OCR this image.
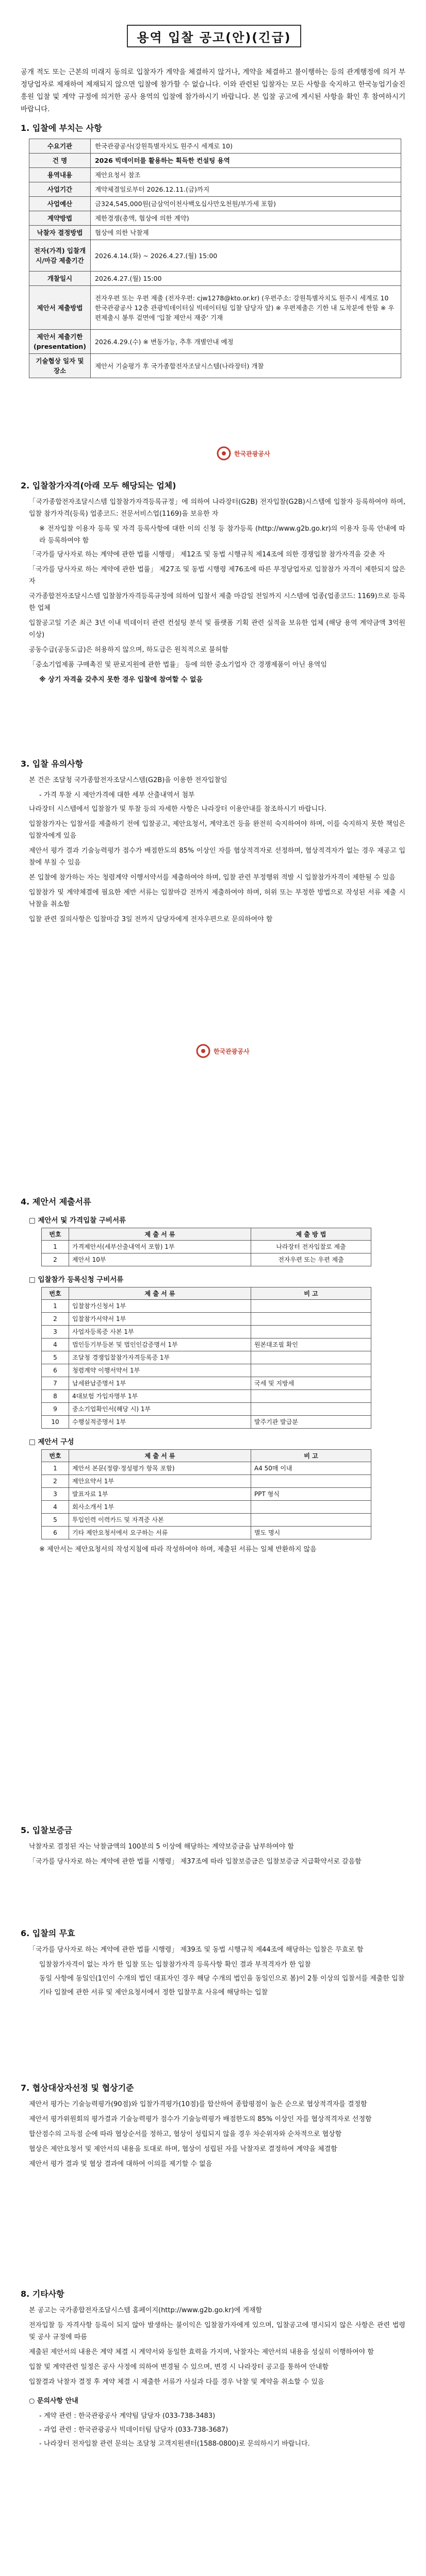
용역 입찰 공고(안)(긴급)
공개 적도 또는 근본의 미래지 동의로 입찰자가 계약을 체결하지 않거나, 계약을 체결하고 불이행하는 등의 관계행정에 의거 부정당업자로 제재하여 제재되지 않으면 입찰에 참가할 수 없습니다. 이와 관련된 입찰자는 모든 사항을 숙지하고 한국농업기술진흥원 입찰 및 계약 규정에 의거한 공사 용역의 입찰에 참가하시기 바랍니다. 본 입찰 공고에 게시된 사항을 확인 후 참여하시기 바랍니다.
1. 입찰에 부치는 사항
수요기관	한국관광공사(강원특별자치도 원주시 세계로 10)
건 명	2026 빅데이터를 활용하는 획득한 컨설팅 용역
용역내용	제안요청서 참조
사업기간	계약체결일로부터 2026.12.11.(금)까지
사업예산	금324,545,000원(금삼억이천사백오십사만오천원/부가세 포함)
계약방법	제한경쟁(총액, 협상에 의한 계약)
낙찰자 결정방법	협상에 의한 낙찰제
전자(가격) 입찰개시/마감 제출기간	2026.4.14.(화) ~ 2026.4.27.(월) 15:00
개찰일시	2026.4.27.(월) 15:00
제안서 제출방법	전자우편 또는 우편 제출 (전자우편: cjw1278@kto.or.kr) (우편주소: 강원특별자치도 원주시 세계로 10 한국관광공사 12층 관광빅데이터실 빅데이터팀 입찰 담당자 앞) ※ 우편제출은 기한 내 도착분에 한함 ※ 우편제출시 봉투 겉면에 '입찰 제안서 재중' 기재
제안서 제출기한 (presentation)	2026.4.29.(수) ※ 변동가능, 추후 개별안내 예정
기술협상 일자 및 장소	제안서 기술평가 후 국가종합전자조달시스템(나라장터) 개찰
2. 입찰참가자격(아래 모두 해당되는 업체)
「국가종합전자조달시스템 입찰참가자격등록규정」에 의하여 나라장터(G2B) 전자입찰(G2B)시스템에 입찰자 등록하여야 하며, 입찰 참가자격(등록) 업종코드: 전문서비스업(1169)을 보유한 자
※ 전자입찰 이용자 등록 및 자격 등록사항에 대한 이의 신청 등 참가등록 (http://www.g2b.go.kr)의 이용자 등록 안내에 따라 등록하여야 함
「국가를 당사자로 하는 계약에 관한 법률 시행령」 제12조 및 동법 시행규칙 제14조에 의한 경쟁입찰 참가자격을 갖춘 자
「국가를 당사자로 하는 계약에 관한 법률」 제27조 및 동법 시행령 제76조에 따른 부정당업자로 입찰참가 자격이 제한되지 않은 자
국가종합전자조달시스템 입찰참가자격등록규정에 의하여 입찰서 제출 마감일 전일까지 시스템에 업종(업종코드: 1169)으로 등록한 업체
입찰공고일 기준 최근 3년 이내 빅데이터 관련 컨설팅 분석 및 플랫폼 기획 관련 실적을 보유한 업체 (해당 용역 계약금액 3억원 이상)
공동수급(공동도급)은 허용하지 않으며, 하도급은 원칙적으로 불허함
「중소기업제품 구매촉진 및 판로지원에 관한 법률」 등에 의한 중소기업자 간 경쟁제품이 아닌 용역임
※ 상기 자격을 갖추지 못한 경우 입찰에 참여할 수 없음
3. 입찰 유의사항
본 건은 조달청 국가종합전자조달시스템(G2B)을 이용한 전자입찰임
- 가격 투찰 시 제안가격에 대한 세부 산출내역서 첨부
나라장터 시스템에서 입찰참가 및 투찰 등의 자세한 사항은 나라장터 이용안내를 참조하시기 바랍니다.
입찰참가자는 입찰서를 제출하기 전에 입찰공고, 제안요청서, 계약조건 등을 완전히 숙지하여야 하며, 이를 숙지하지 못한 책임은 입찰자에게 있음
제안서 평가 결과 기술능력평가 점수가 배점한도의 85% 이상인 자를 협상적격자로 선정하며, 협상적격자가 없는 경우 재공고 입찰에 부칠 수 있음
본 입찰에 참가하는 자는 청렴계약 이행서약서를 제출하여야 하며, 입찰 관련 부정행위 적발 시 입찰참가자격이 제한될 수 있음
입찰참가 및 계약체결에 필요한 제반 서류는 입찰마감 전까지 제출하여야 하며, 허위 또는 부정한 방법으로 작성된 서류 제출 시 낙찰을 취소함
입찰 관련 질의사항은 입찰마감 3일 전까지 담당자에게 전자우편으로 문의하여야 함
한국관광공사
한국관광공사
4. 제안서 제출서류
□ 제안서 및 가격입찰 구비서류
번호	제 출 서 류	제 출 방 법
1	가격제안서(세부산출내역서 포함) 1부	나라장터 전자입찰로 제출
2	제안서 10부	전자우편 또는 우편 제출
□ 입찰참가 등록신청 구비서류
번호	제 출 서 류	비 고
1	입찰참가신청서 1부	
2	입찰참가서약서 1부	
3	사업자등록증 사본 1부	
4	법인등기부등본 및 법인인감증명서 1부	원본대조필 확인
5	조달청 경쟁입찰참가자격등록증 1부	
6	청렴계약 이행서약서 1부	
7	납세완납증명서 1부	국세 및 지방세
8	4대보험 가입자명부 1부	
9	중소기업확인서(해당 시) 1부	
10	수행실적증명서 1부	발주기관 발급분
□ 제안서 구성
번호	제 출 서 류	비 고
1	제안서 본문(정량·정성평가 항목 포함)	A4 50매 이내
2	제안요약서 1부	
3	발표자료 1부	PPT 형식
4	회사소개서 1부	
5	투입인력 이력카드 및 자격증 사본	
6	기타 제안요청서에서 요구하는 서류	별도 명시
※ 제안서는 제안요청서의 작성지침에 따라 작성하여야 하며, 제출된 서류는 일체 반환하지 않음
5. 입찰보증금
낙찰자로 결정된 자는 낙찰금액의 100분의 5 이상에 해당하는 계약보증금을 납부하여야 함
「국가를 당사자로 하는 계약에 관한 법률 시행령」 제37조에 따라 입찰보증금은 입찰보증금 지급확약서로 갈음함
6. 입찰의 무효
「국가를 당사자로 하는 계약에 관한 법률 시행령」 제39조 및 동법 시행규칙 제44조에 해당하는 입찰은 무효로 함
입찰참가자격이 없는 자가 한 입찰 또는 입찰참가자격 등록사항 확인 결과 부적격자가 한 입찰
동일 사항에 동일인(1인이 수개의 법인 대표자인 경우 해당 수개의 법인을 동일인으로 봄)이 2통 이상의 입찰서를 제출한 입찰
기타 입찰에 관한 서류 및 제안요청서에서 정한 입찰무효 사유에 해당하는 입찰
7. 협상대상자선정 및 협상기준
제안서 평가는 기술능력평가(90점)와 입찰가격평가(10점)를 합산하여 종합평점이 높은 순으로 협상적격자를 결정함
제안서 평가위원회의 평가결과 기술능력평가 점수가 기술능력평가 배점한도의 85% 이상인 자를 협상적격자로 선정함
합산점수의 고득점 순에 따라 협상순서를 정하고, 협상이 성립되지 않을 경우 차순위자와 순차적으로 협상함
협상은 제안요청서 및 제안서의 내용을 토대로 하며, 협상이 성립된 자를 낙찰자로 결정하여 계약을 체결함
제안서 평가 결과 및 협상 결과에 대하여 이의를 제기할 수 없음
8. 기타사항
본 공고는 국가종합전자조달시스템 홈페이지(http://www.g2b.go.kr)에 게재함
전자입찰 등 자격사항 등록이 되지 않아 발생하는 불이익은 입찰참가자에게 있으며, 입찰공고에 명시되지 않은 사항은 관련 법령 및 공사 규정에 따름
제출된 제안서의 내용은 계약 체결 시 계약서와 동일한 효력을 가지며, 낙찰자는 제안서의 내용을 성실히 이행하여야 함
입찰 및 계약관련 일정은 공사 사정에 의하여 변경될 수 있으며, 변경 시 나라장터 공고를 통하여 안내함
입찰결과 낙찰자 결정 후 계약 체결 시 제출한 서류가 사실과 다를 경우 낙찰 및 계약을 취소할 수 있음
○ 문의사항 안내
- 계약 관련 : 한국관광공사 계약팀 담당자 (033-738-3483)
- 과업 관련 : 한국관광공사 빅데이터팀 담당자 (033-738-3687)
- 나라장터 전자입찰 관련 문의는 조달청 고객지원센터(1588-0800)로 문의하시기 바랍니다.
